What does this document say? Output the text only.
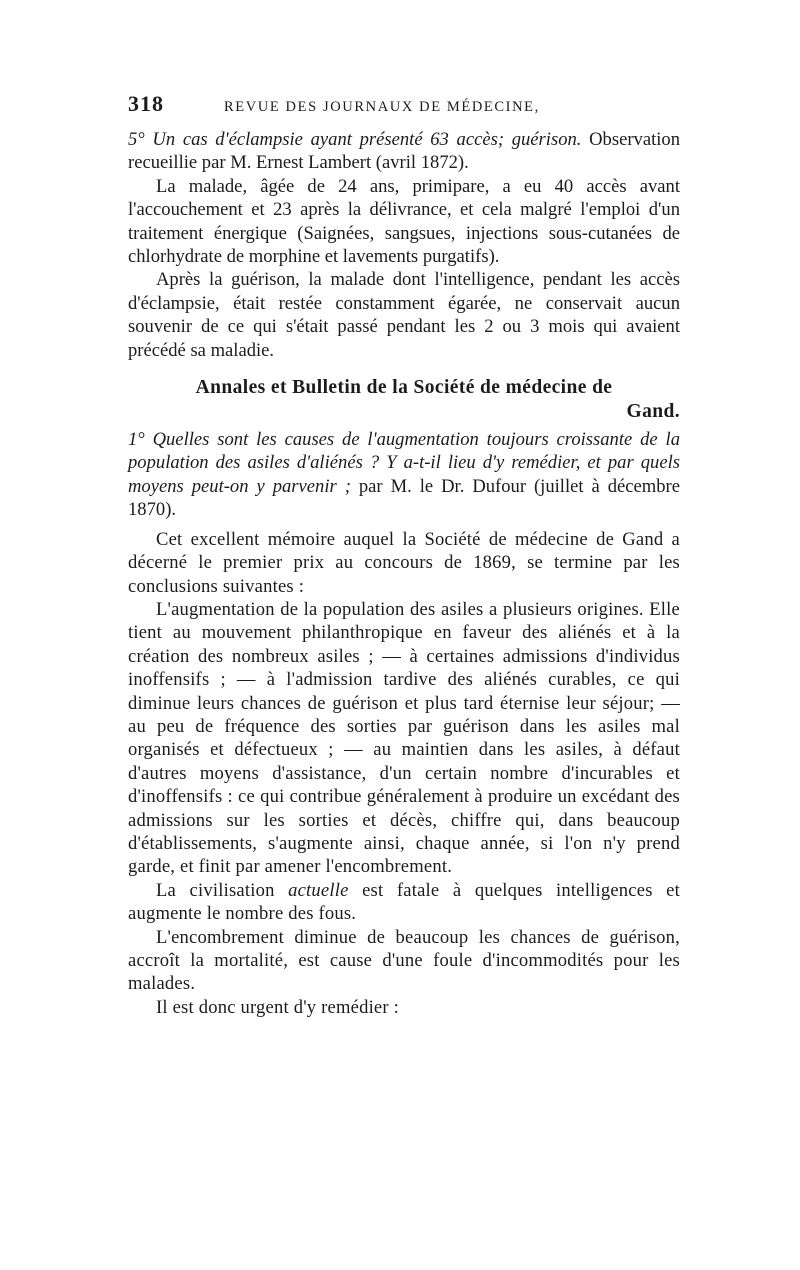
318	REVUE DES JOURNAUX DE MÉDECINE,

5° Un cas d'éclampsie ayant présenté 63 accès; guérison. Observation recueillie par M. Ernest Lambert (avril 1872).

La malade, âgée de 24 ans, primipare, a eu 40 accès avant l'accouchement et 23 après la délivrance, et cela malgré l'emploi d'un traitement énergique (Saignées, sangsues, injections sous-cutanées de chlorhydrate de morphine et lavements purgatifs).

Après la guérison, la malade dont l'intelligence, pendant les accès d'éclampsie, était restée constamment égarée, ne conservait aucun souvenir de ce qui s'était passé pendant les 2 ou 3 mois qui avaient précédé sa maladie.

Annales et Bulletin de la Société de médecine de
Gand.

1° Quelles sont les causes de l'augmentation toujours croissante de la population des asiles d'aliénés ? Y a-t-il lieu d'y remédier, et par quels moyens peut-on y parvenir ; par M. le Dr. Dufour (juillet à décembre 1870).

Cet excellent mémoire auquel la Société de médecine de Gand a décerné le premier prix au concours de 1869, se termine par les conclusions suivantes :

L'augmentation de la population des asiles a plusieurs origines. Elle tient au mouvement philanthropique en faveur des aliénés et à la création des nombreux asiles ; — à certaines admissions d'individus inoffensifs ; — à l'admission tardive des aliénés curables, ce qui diminue leurs chances de guérison et plus tard éternise leur séjour; — au peu de fréquence des sorties par guérison dans les asiles mal organisés et défectueux ; — au maintien dans les asiles, à défaut d'autres moyens d'assistance, d'un certain nombre d'incurables et d'inoffensifs : ce qui contribue généralement à produire un excédant des admissions sur les sorties et décès, chiffre qui, dans beaucoup d'établissements, s'augmente ainsi, chaque année, si l'on n'y prend garde, et finit par amener l'encombrement.

La civilisation actuelle est fatale à quelques intelligences et augmente le nombre des fous.

L'encombrement diminue de beaucoup les chances de guérison, accroît la mortalité, est cause d'une foule d'incommodités pour les malades.

Il est donc urgent d'y remédier :
